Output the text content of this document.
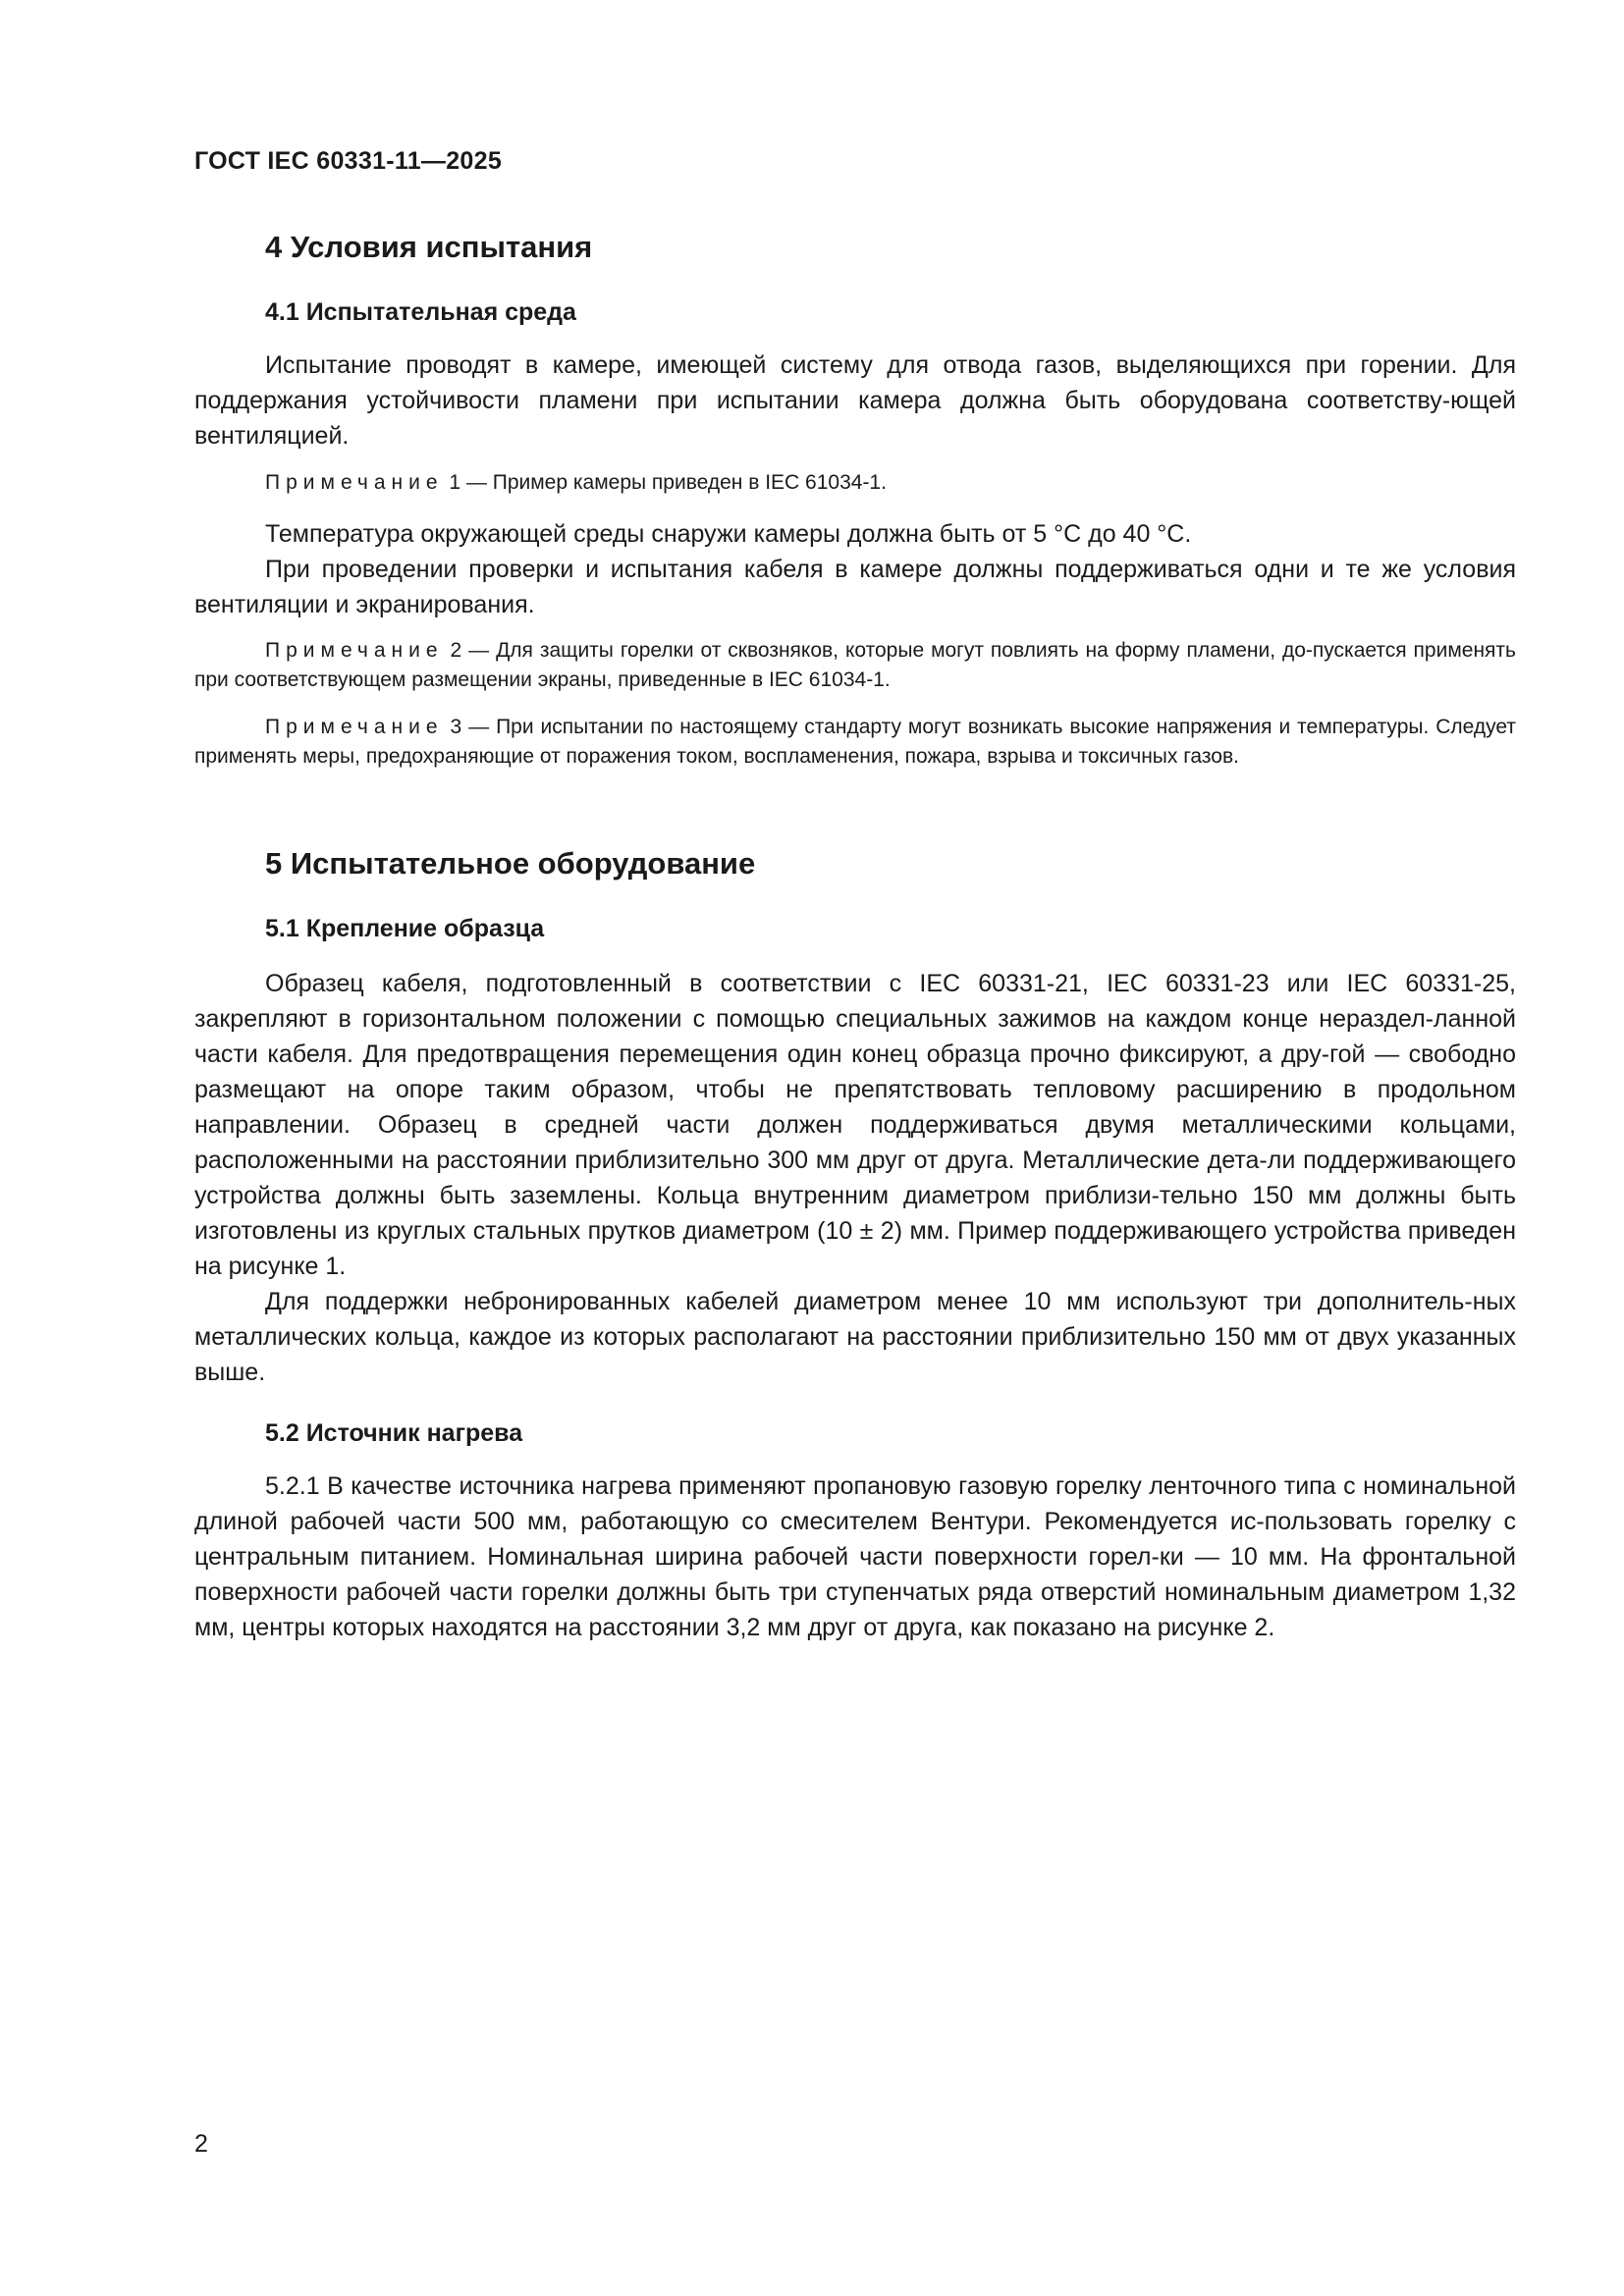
ГОСТ IEC 60331-11—2025
4 Условия испытания
4.1 Испытательная среда

Испытание проводят в камере, имеющей систему для отвода газов, выделяющихся при горении. Для поддержания устойчивости пламени при испытании камера должна быть оборудована соответству-ющей вентиляцией.

Примечание 1 — Пример камеры приведен в IEC 61034-1.

Температура окружающей среды снаружи камеры должна быть от 5 °C до 40 °C.

При проведении проверки и испытания кабеля в камере должны поддерживаться одни и те же условия вентиляции и экранирования.

Примечание 2 — Для защиты горелки от сквозняков, которые могут повлиять на форму пламени, до-пускается применять при соответствующем размещении экраны, приведенные в IEC 61034-1.

Примечание 3 — При испытании по настоящему стандарту могут возникать высокие напряжения и температуры. Следует применять меры, предохраняющие от поражения током, воспламенения, пожара, взрыва и токсичных газов.

5 Испытательное оборудование
5.1 Крепление образца

Образец кабеля, подготовленный в соответствии с IEC 60331-21, IEC 60331-23 или IEC 60331-25, закрепляют в горизонтальном положении с помощью специальных зажимов на каждом конце нераздел-ланной части кабеля. Для предотвращения перемещения один конец образца прочно фиксируют, а дру-гой — свободно размещают на опоре таким образом, чтобы не препятствовать тепловому расширению в продольном направлении. Образец в средней части должен поддерживаться двумя металлическими кольцами, расположенными на расстоянии приблизительно 300 мм друг от друга. Металлические дета-ли поддерживающего устройства должны быть заземлены. Кольца внутренним диаметром приблизи-тельно 150 мм должны быть изготовлены из круглых стальных прутков диаметром (10 ± 2) мм. Пример поддерживающего устройства приведен на рисунке 1.

Для поддержки небронированных кабелей диаметром менее 10 мм используют три дополнитель-ных металлических кольца, каждое из которых располагают на расстоянии приблизительно 150 мм от двух указанных выше.

5.2 Источник нагрева

5.2.1 В качестве источника нагрева применяют пропановую газовую горелку ленточного типа с номинальной длиной рабочей части 500 мм, работающую со смесителем Вентури. Рекомендуется ис-пользовать горелку с центральным питанием. Номинальная ширина рабочей части поверхности горел-ки — 10 мм. На фронтальной поверхности рабочей части горелки должны быть три ступенчатых ряда отверстий номинальным диаметром 1,32 мм, центры которых находятся на расстоянии 3,2 мм друг от друга, как показано на рисунке 2.

2
